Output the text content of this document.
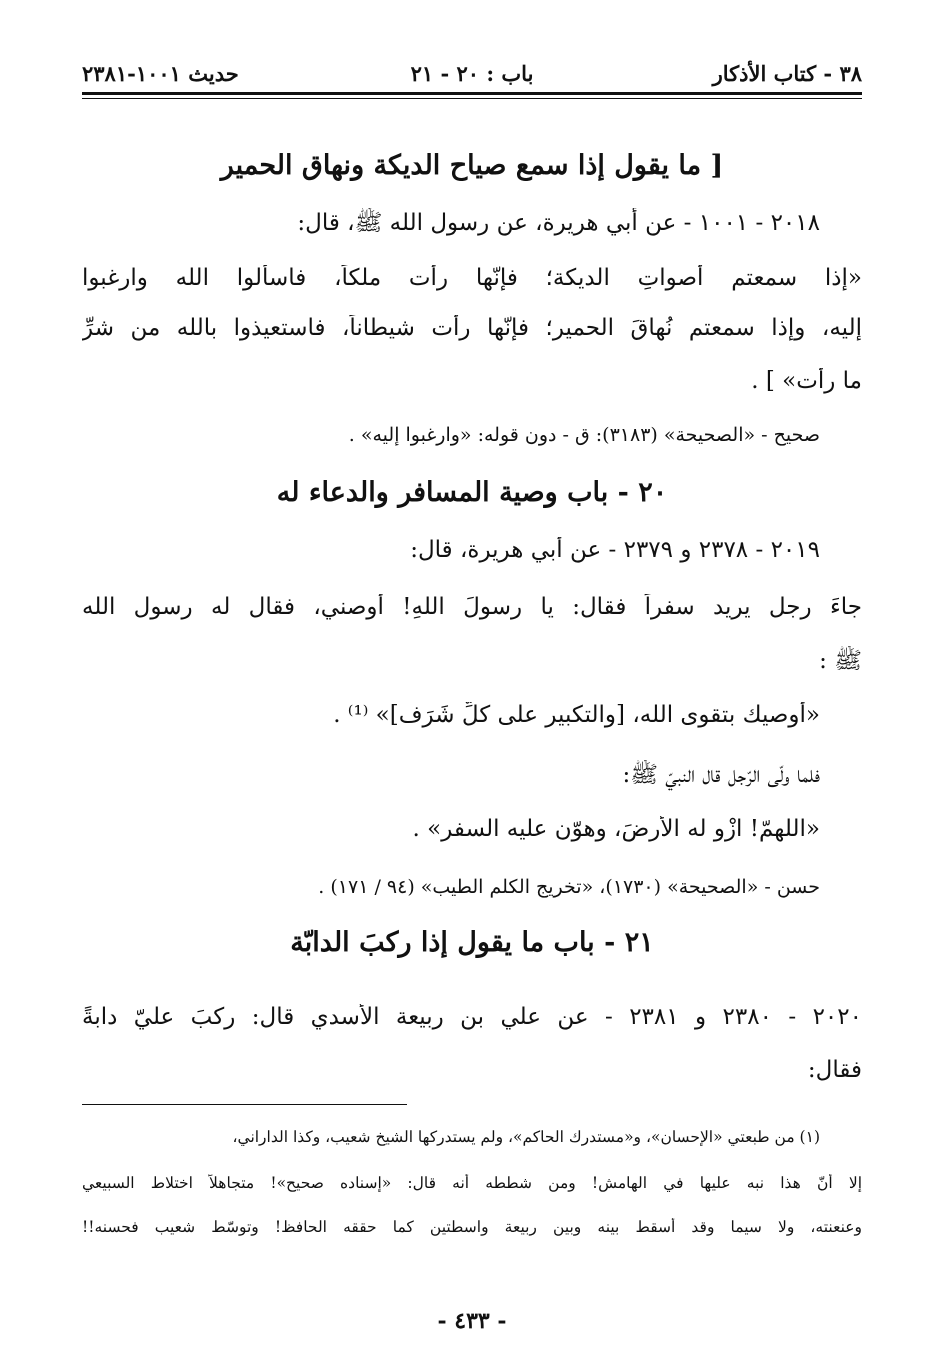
٣٨ - كتاب الأذكار
باب : ٢٠ - ٢١
حديث ١٠٠١-٢٣٨١
[ ما يقول إذا سمع صياح الديكة ونهاق الحمير
٢٠١٨ - ١٠٠١ - عن أبي هريرة، عن رسول الله ﷺ، قال:
«إذا سمعتم أصواتِ الديكة؛ فإنّها رأت ملكاً، فاسألوا الله وارغبوا
إليه، وإذا سمعتم نُهاقَ الحمير؛ فإنّها رأت شيطاناً، فاستعيذوا بالله من شرِّ
ما رأت» ] .
صحيح - «الصحيحة» (٣١٨٣): ق - دون قوله: «وارغبوا إليه» .
٢٠ - باب وصية المسافر والدعاء له
٢٠١٩ - ٢٣٧٨ و ٢٣٧٩ - عن أبي هريرة، قال:
جاءَ رجل يريد سفراً فقال: يا رسولَ اللهِ! أوصني، فقال له رسول الله
ﷺ :
«أُوصيك بتقوى الله، [والتكبير على كلِّ شَرَف]» ⁽¹⁾ .
فلما ولّى الرّجل قال النبيّ ﷺ:
«اللهمّ! ازْوِ له الأرضَ، وهوّن عليه السفر» .
حسن - «الصحيحة» (١٧٣٠)، «تخريج الكلم الطيب» (٩٤ / ١٧١) .
٢١ - باب ما يقول إذا ركبَ الدابّة
٢٠٢٠ - ٢٣٨٠ و ٢٣٨١ - عن علي بن ربيعة الأسدي قال: ركبَ عليّ دابةً
فقال:
(١) من طبعتي «الإحسان»، و«مستدرك الحاكم»، ولم يستدركها الشيخ شعيب، وكذا الداراني،
إلا أنّ هذا نبه عليها في الهامش! ومن شططه أنه قال: «إسناده صحيح»! متجاهلاً اختلاط السبيعي
وعنعنته، ولا سيما وقد أسقط بينه وبين ربيعة واسطتين كما حققه الحافظ! وتوسّط شعيب فحسنه!!
- ٤٣٣ -
